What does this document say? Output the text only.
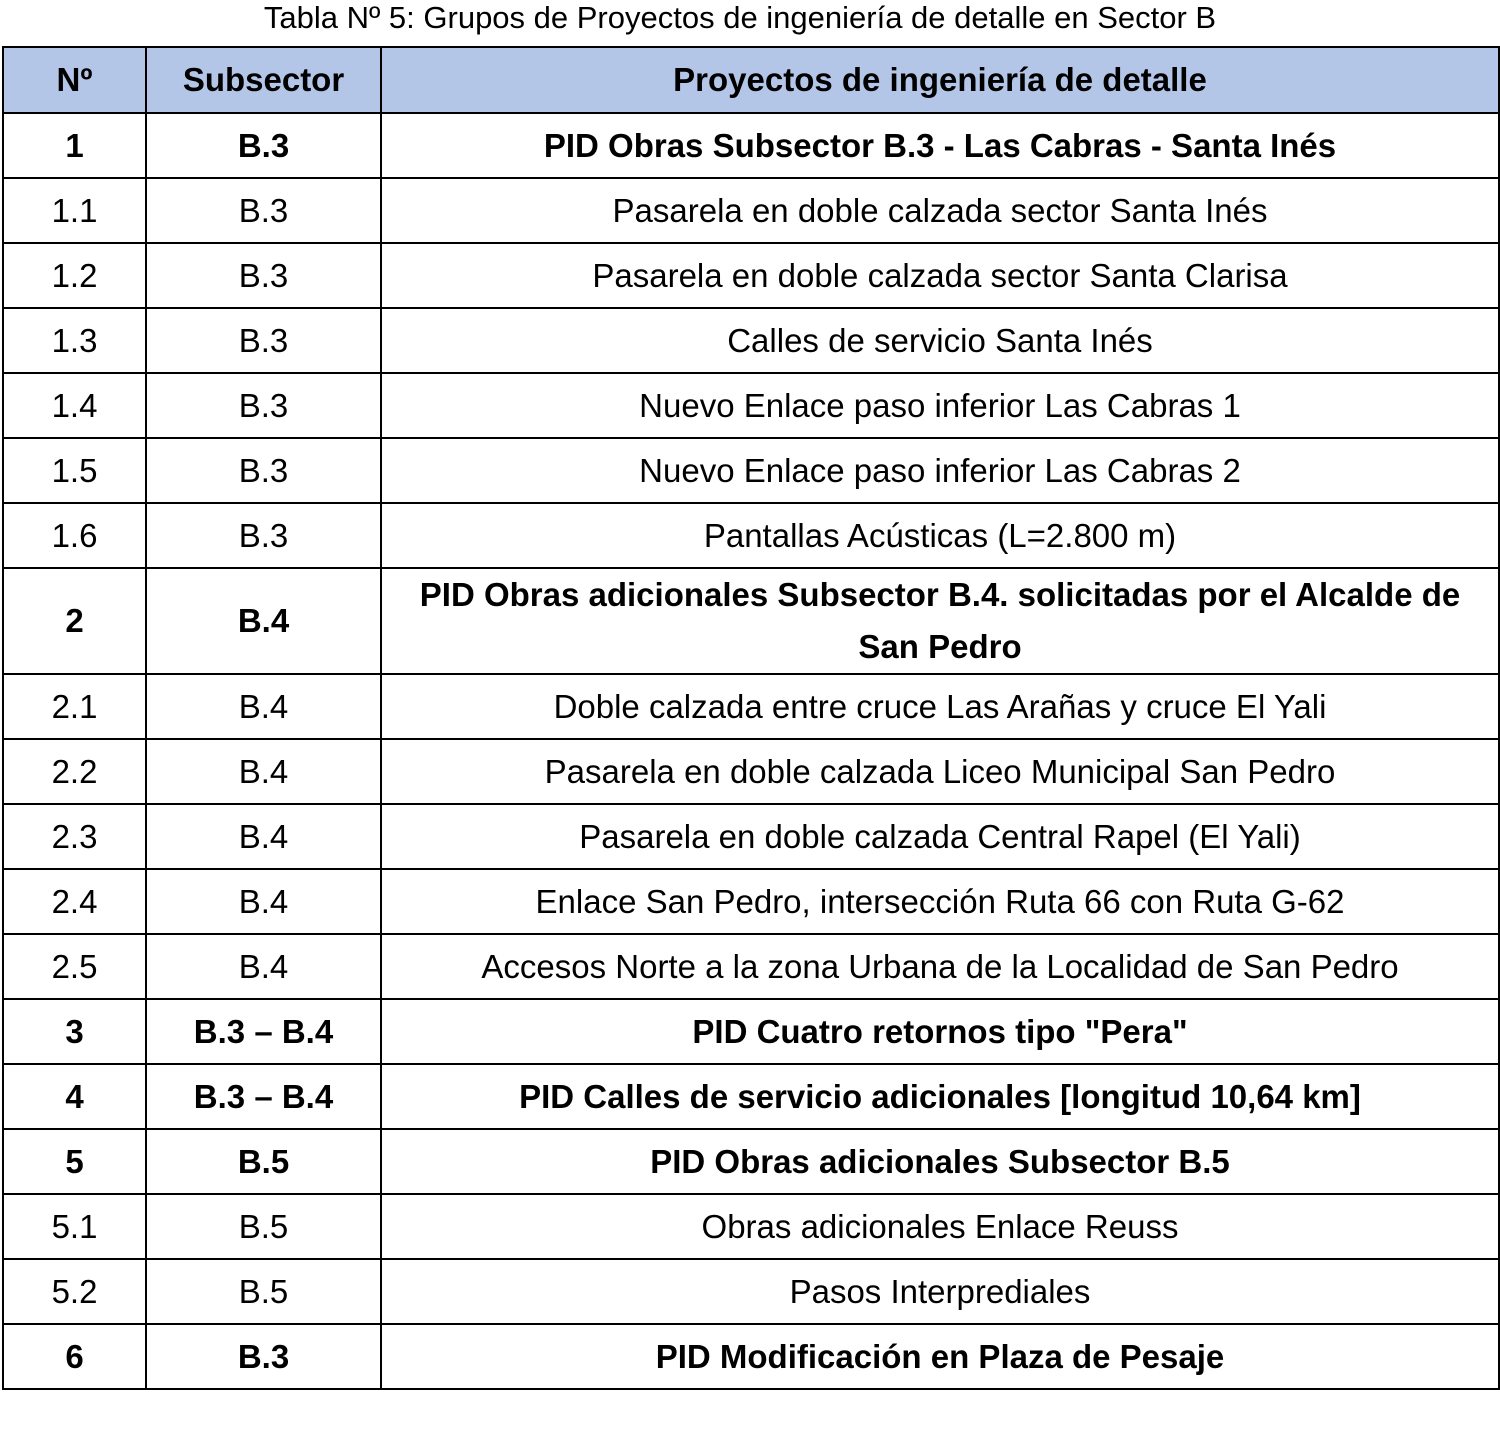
Tabla Nº 5: Grupos de Proyectos de ingeniería de detalle en Sector B
Nº	Subsector	Proyectos de ingeniería de detalle
1	B.3	PID Obras Subsector B.3 - Las Cabras - Santa Inés
1.1	B.3	Pasarela en doble calzada sector Santa Inés
1.2	B.3	Pasarela en doble calzada sector Santa Clarisa
1.3	B.3	Calles de servicio Santa Inés
1.4	B.3	Nuevo Enlace paso inferior Las Cabras 1
1.5	B.3	Nuevo Enlace paso inferior Las Cabras 2
1.6	B.3	Pantallas Acústicas (L=2.800 m)
2	B.4	PID Obras adicionales Subsector B.4. solicitadas por el Alcalde de San Pedro
2.1	B.4	Doble calzada entre cruce Las Arañas y cruce El Yali
2.2	B.4	Pasarela en doble calzada Liceo Municipal San Pedro
2.3	B.4	Pasarela en doble calzada Central Rapel (El Yali)
2.4	B.4	Enlace San Pedro, intersección Ruta 66 con Ruta G-62
2.5	B.4	Accesos Norte a la zona Urbana de la Localidad de San Pedro
3	B.3 – B.4	PID Cuatro retornos tipo "Pera"
4	B.3 – B.4	PID Calles de servicio adicionales [longitud 10,64 km]
5	B.5	PID Obras adicionales Subsector B.5
5.1	B.5	Obras adicionales Enlace Reuss
5.2	B.5	Pasos Interprediales
6	B.3	PID Modificación en Plaza de Pesaje
